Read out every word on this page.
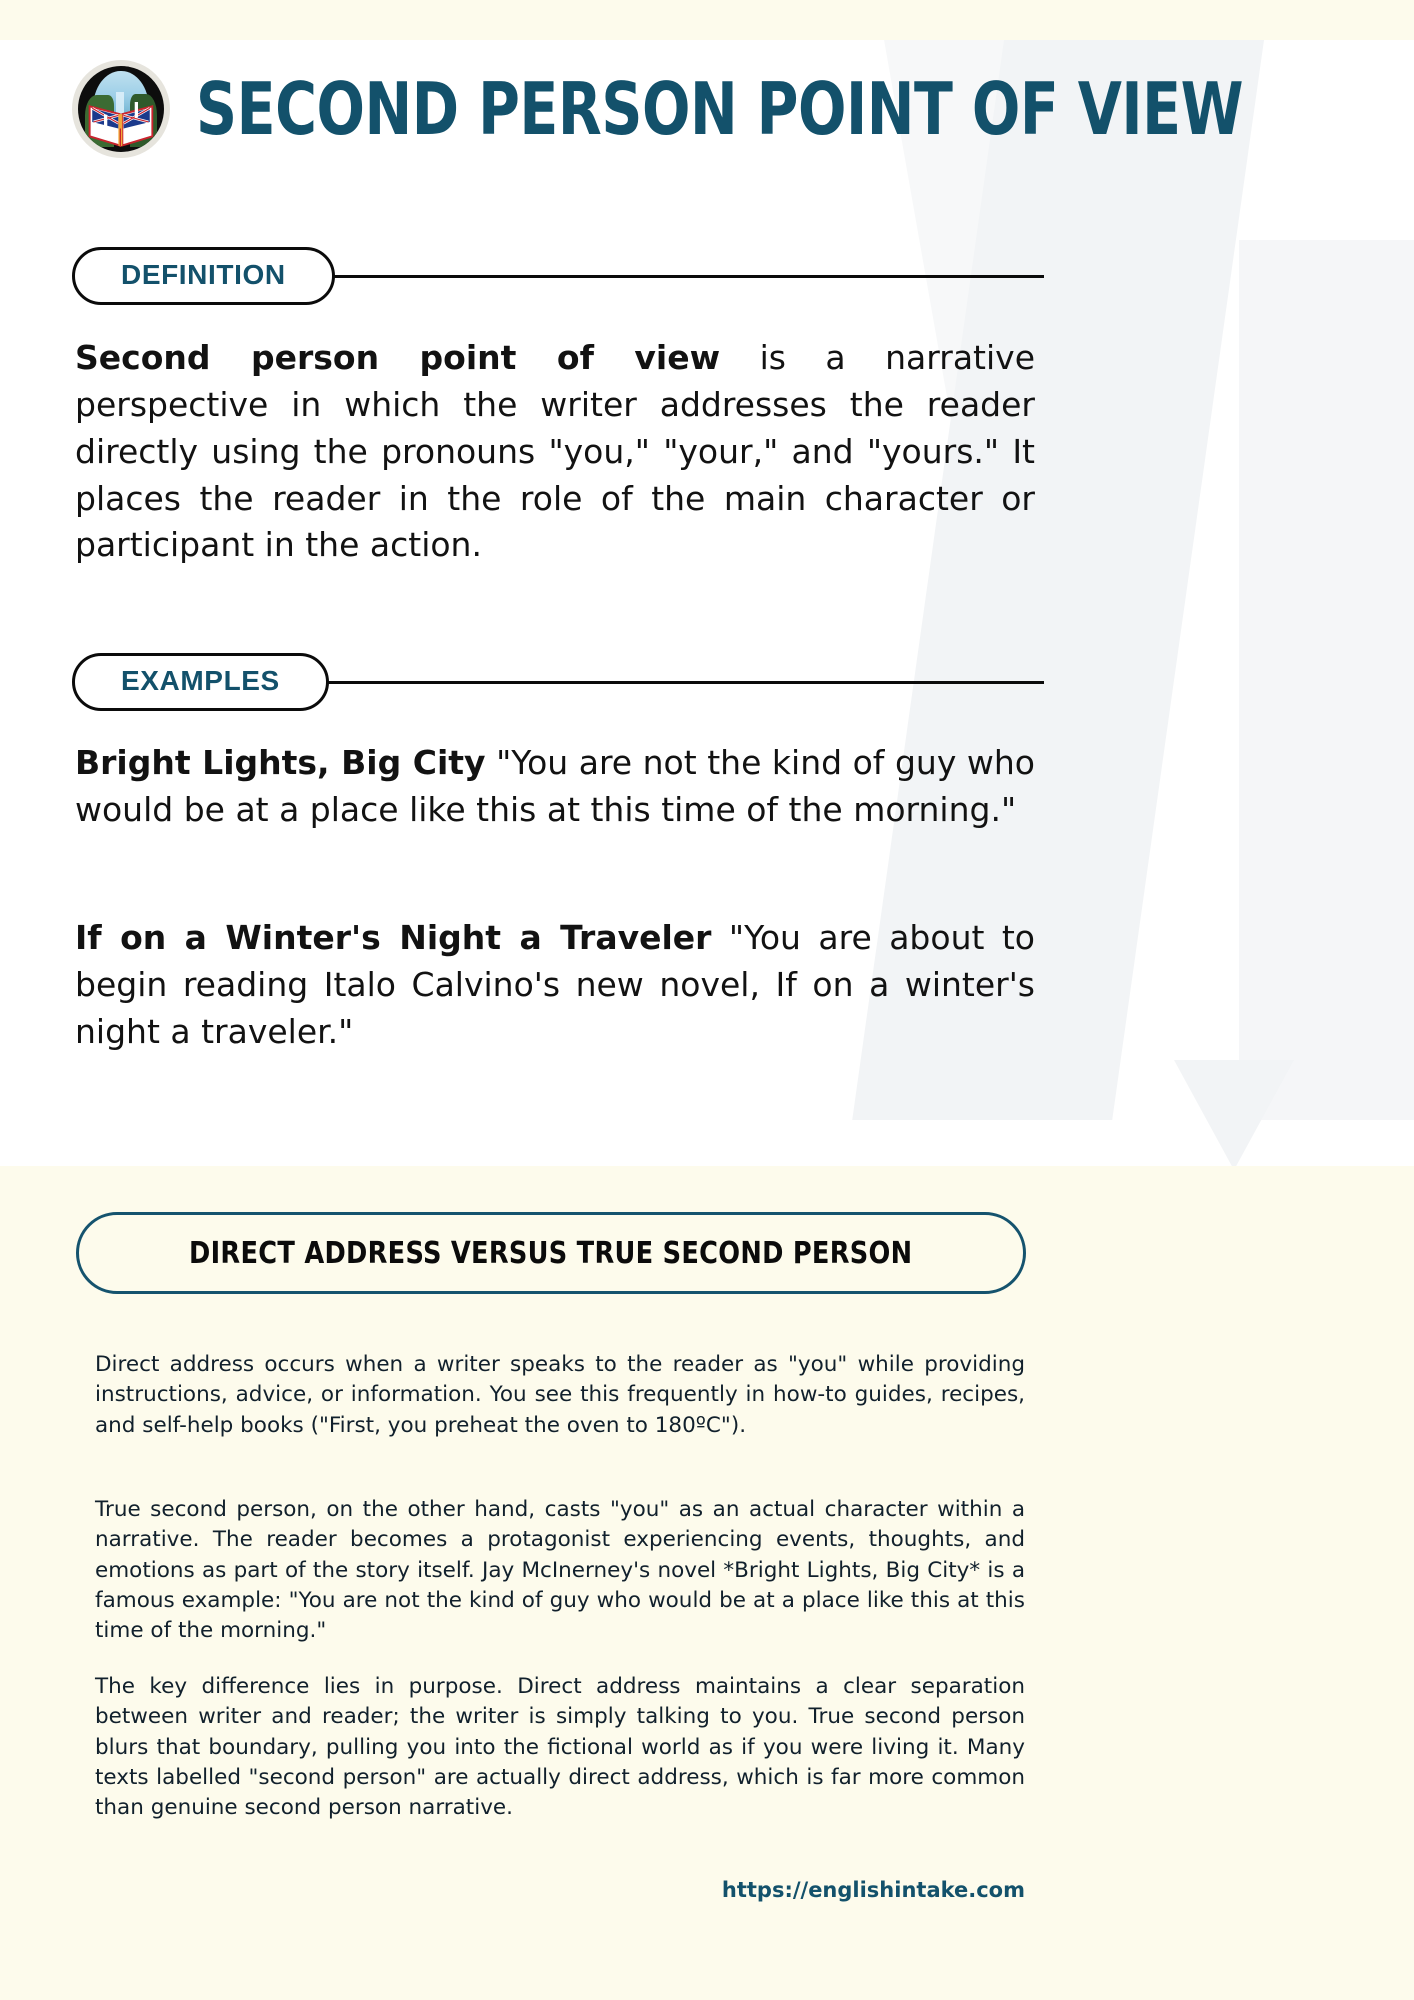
SECOND PERSON POINT OF VIEW
DEFINITION
Second person point of view is a narrative perspective in which the writer addresses the reader directly using the pronouns "you," "your," and "yours." It places the reader in the role of the main character or participant in the action.
EXAMPLES
Bright Lights, Big City "You are not the kind of guy who would be at a place like this at this time of the morning."
If on a Winter's Night a Traveler "You are about to begin reading Italo Calvino's new novel, If on a winter's night a traveler."
DIRECT ADDRESS VERSUS TRUE SECOND PERSON
Direct address occurs when a writer speaks to the reader as "you" while providing instructions, advice, or information. You see this frequently in how-to guides, recipes, and self-help books ("First, you preheat the oven to 180ºC").
True second person, on the other hand, casts "you" as an actual character within a narrative. The reader becomes a protagonist experiencing events, thoughts, and emotions as part of the story itself. Jay McInerney's novel *Bright Lights, Big City* is a famous example: "You are not the kind of guy who would be at a place like this at this time of the morning."
The key difference lies in purpose. Direct address maintains a clear separation between writer and reader; the writer is simply talking to you. True second person blurs that boundary, pulling you into the fictional world as if you were living it. Many texts labelled "second person" are actually direct address, which is far more common than genuine second person narrative.
https://englishintake.com
